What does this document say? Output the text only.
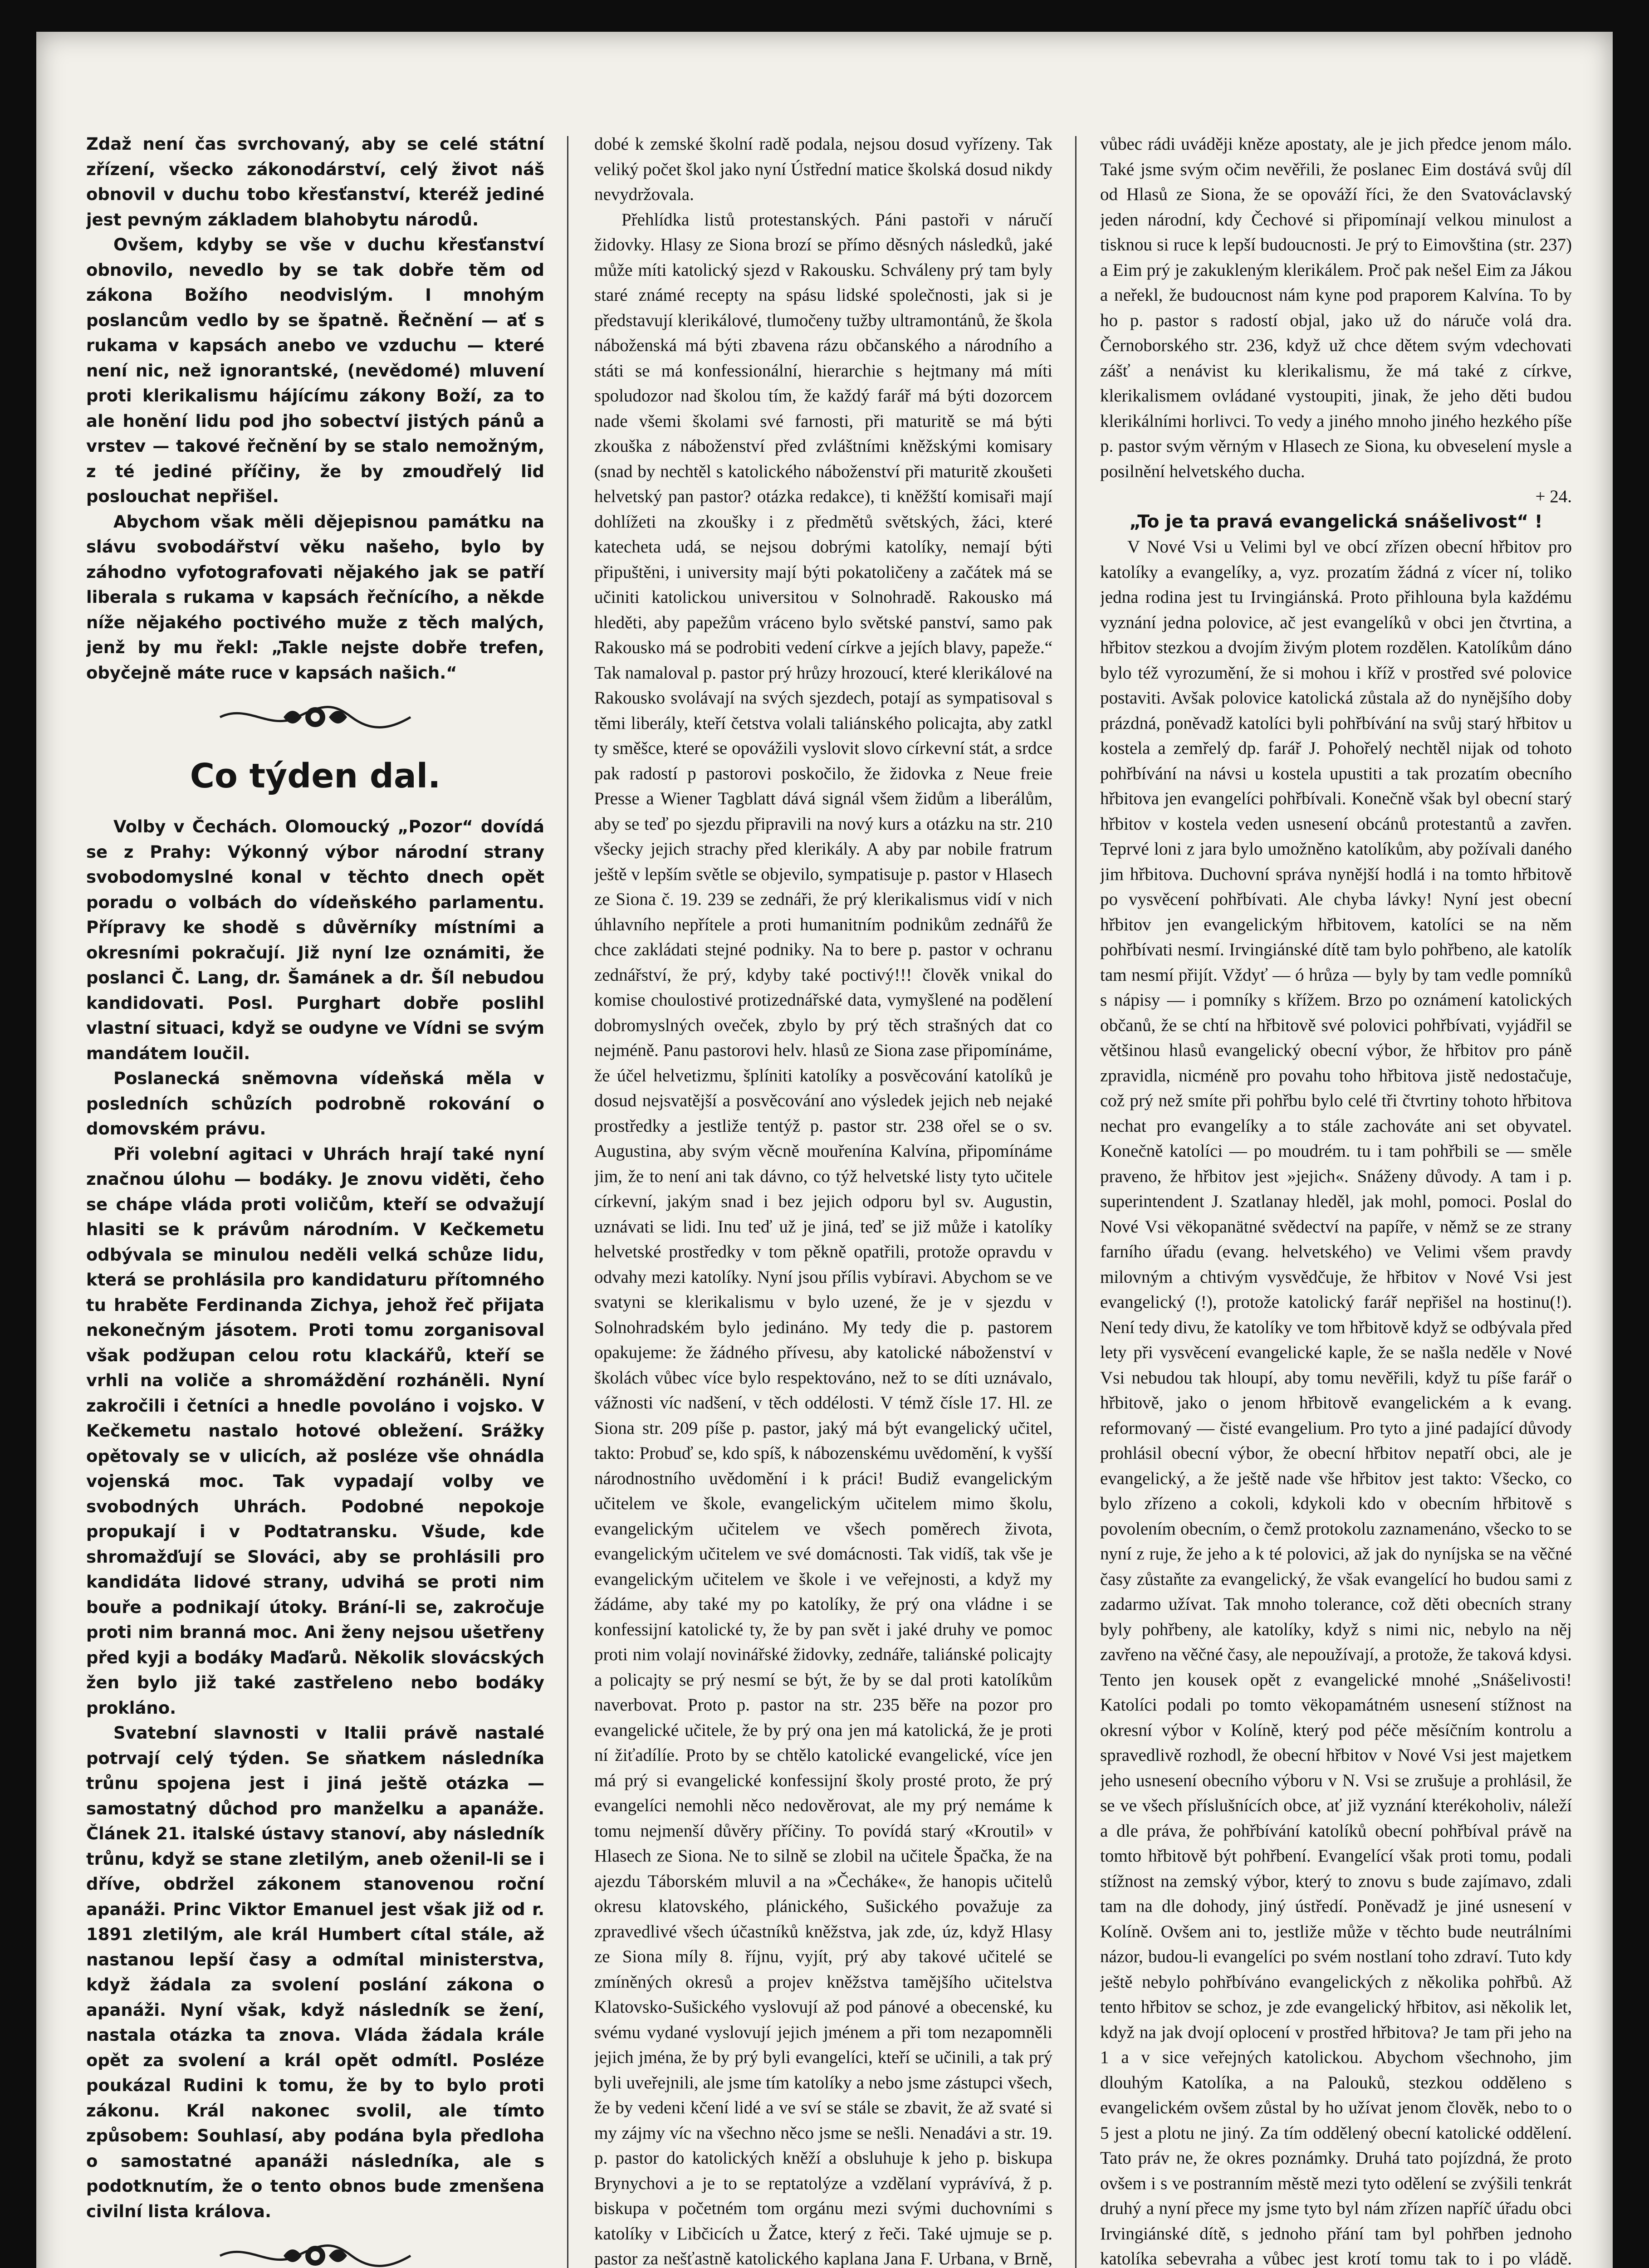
Zdaž není čas svrchovaný, aby se celé státní zřízení, všecko zákonodárství, celý život náš obnovil v duchu tobo křesťanství, kteréž jediné jest pevným základem blahobytu národů.

Ovšem, kdyby se vše v duchu křesťanství obnovilo, nevedlo by se tak dobře těm od zákona Božího neodvislým. I mnohým poslancům vedlo by se špatně. Řečnění — ať s rukama v kapsách anebo ve vzduchu — které není nic, než ignorantské, (nevědomé) mluvení proti klerikalismu hájícímu zákony Boží, za to ale honění lidu pod jho sobectví jistých pánů a vrstev — takové řečnění by se stalo nemožným, z té jediné příčiny, že by zmoudřelý lid poslouchat nepřišel.

Abychom však měli dějepisnou památku na slávu svobodářství věku našeho, bylo by záhodno vyfotografovati nějakého jak se patří liberala s rukama v kapsách řečnícího, a někde níže nějakého poctivého muže z těch malých, jenž by mu řekl: „Takle nejste dobře trefen, obyčejně máte ruce v kapsách našich.“

Co týden dal.

Volby v Čechách. Olomoucký „Pozor“ dovídá se z Prahy: Výkonný výbor národní strany svobodomyslné konal v těchto dnech opět poradu o volbách do vídeňského parlamentu. Přípravy ke shodě s důvěrníky místními a okresními pokračují. Již nyní lze oznámiti, že poslanci Č. Lang, dr. Šamánek a dr. Šíl nebudou kandidovati. Posl. Purghart dobře poslihl vlastní situaci, když se oudyne ve Vídni se svým mandátem loučil.

Poslanecká sněmovna vídeňská měla v posledních schůzích podrobně rokování o domovském právu.

Při volební agitaci v Uhrách hrají také nyní značnou úlohu — bodáky. Je znovu viděti, čeho se chápe vláda proti voličům, kteří se odvažují hlasiti se k právům národním. V Kečkemetu odbývala se minulou neděli velká schůze lidu, která se prohlásila pro kandidaturu přítomného tu hraběte Ferdinanda Zichya, jehož řeč přijata nekonečným jásotem. Proti tomu zorganisoval však podžupan celou rotu klackářů, kteří se vrhli na voliče a shromáždění rozháněli. Nyní zakročili i četníci a hnedle povoláno i vojsko. V Kečkemetu nastalo hotové obležení. Srážky opětovaly se v ulicích, až posléze vše ohnádla vojenská moc. Tak vypadají volby ve svobodných Uhrách. Podobné nepokoje propukají i v Podtatransku. Všude, kde shromažďují se Slováci, aby se prohlásili pro kandidáta lidové strany, udvihá se proti nim bouře a podnikají útoky. Brání-li se, zakročuje proti nim branná moc. Ani ženy nejsou ušetřeny před kyji a bodáky Maďarů. Několik slovácských žen bylo již také zastřeleno nebo bodáky prokláno.

Svatební slavnosti v Italii právě nastalé potrvají celý týden. Se sňatkem následníka trůnu spojena jest i jiná ještě otázka — samostatný důchod pro manželku a apanáže. Článek 21. italské ústavy stanoví, aby následník trůnu, když se stane zletilým, aneb oženil-li se i dříve, obdržel zákonem stanovenou roční apanáži. Princ Viktor Emanuel jest však již od r. 1891 zletilým, ale král Humbert cítal stále, až nastanou lepší časy a odmítal ministerstva, když žádala za svolení poslání zákona o apanáži. Nyní však, když následník se žení, nastala otázka ta znova. Vláda žádala krále opět za svolení a král opět odmítl. Posléze poukázal Rudini k tomu, že by to bylo proti zákonu. Král nakonec svolil, ale tímto způsobem: Souhlasí, aby podána byla předloha o samostatné apanáži následníka, ale s podotknutím, že o tento obnos bude zmenšena civilní lista králova.

dobé k zemské školní radě podala, nejsou dosud vyřízeny. Tak veliký počet škol jako nyní Ústřední matice školská dosud nikdy nevydržovala.

Přehlídka listů protestanských. Páni pastoři v náručí židovky. Hlasy ze Siona brozí se přímo děsných následků, jaké může míti katolický sjezd v Rakousku. Schváleny prý tam byly staré známé recepty na spásu lidské společnosti, jak si je představují klerikálové, tlumočeny tužby ultramontánů, že škola náboženská má býti zbavena rázu občanského a národního a státi se má konfessionální, hierarchie s hejtmany má míti spoludozor nad školou tím, že každý farář má býti dozorcem nade všemi školami své farnosti, při maturitě se má býti zkouška z náboženství před zvláštními kněžskými komisary (snad by nechtěl s katolického náboženství při maturitě zkoušeti helvetský pan pastor? otázka redakce), ti kněžští komisaři mají dohlížeti na zkoušky i z předmětů světských, žáci, které katecheta udá, se nejsou dobrými katolíky, nemají býti připuštěni, i university mají býti pokatoličeny a začátek má se učiniti katolickou universitou v Solnohradě. Rakousko má hleděti, aby papežům vráceno bylo světské panství, samo pak Rakousko má se podrobiti vedení církve a jejích blavy, papeže.“ Tak namaloval p. pastor prý hrůzy hrozoucí, které klerikálové na Rakousko svolávají na svých sjezdech, potají as sympatisoval s těmi liberály, kteří četstva volali taliánského policajta, aby zatkl ty směšce, které se opovážili vyslovit slovo církevní stát, a srdce pak radostí p pastorovi poskočilo, že židovka z Neue freie Presse a Wiener Tagblatt dává signál všem židům a liberálům, aby se teď po sjezdu připravili na nový kurs a otázku na str. 210 všecky jejich strachy před klerikály. A aby par nobile fratrum ještě v lepším světle se objevilo, sympatisuje p. pastor v Hlasech ze Siona č. 19. 239 se zednáři, že prý klerikalismus vidí v nich úhlavního nepřítele a proti humanitním podnikům zednářů že chce zakládati stejné podniky. Na to bere p. pastor v ochranu zednářství, že prý, kdyby také poctivý!!! člověk vnikal do komise choulostivé protizednářské data, vymyšlené na podělení dobromyslných oveček, zbylo by prý těch strašných dat co nejméně. Panu pastorovi helv. hlasů ze Siona zase připomínáme, že účel helvetizmu, šplíniti katolíky a posvěcování katolíků je dosud nejsvatější a posvěcování ano výsledek jejich neb nejaké prostředky a jestliže tentýž p. pastor str. 238 ořel se o sv. Augustina, aby svým věcně mouřenína Kalvína, připomínáme jim, že to není ani tak dávno, co týž helvetské listy tyto učitele církevní, jakým snad i bez jejich odporu byl sv. Augustin, uznávati se lidi. Inu teď už je jiná, teď se již může i katolíky helvetské prostředky v tom pěkně opatřili, protože opravdu v odvahy mezi katolíky. Nyní jsou přílis vybíravi. Abychom se ve svatyni se klerikalismu v bylo uzené, že je v sjezdu v Solnohradském bylo jedináno. My tedy die p. pastorem opakujeme: že žádného přívesu, aby katolické náboženství v školách vůbec více bylo respektováno, než to se díti uznávalo, vážnosti víc nadšení, v těch oddélosti. V témž čísle 17. Hl. ze Siona str. 209 píše p. pastor, jaký má být evangelický učitel, takto: Probuď se, kdo spíš, k nábozenskému uvědomění, k vyšší národnostního uvědomění i k práci! Budiž evangelickým učitelem ve škole, evangelickým učitelem mimo školu, evangelickým učitelem ve všech poměrech života, evangelickým učitelem ve své domácnosti. Tak vidíš, tak vše je evangelickým učitelem ve škole i ve veřejnosti, a když my žádáme, aby také my po katolíky, že prý ona vládne i se konfessijní katolické ty, že by pan svět i jaké druhy ve pomoc proti nim volají novinářské židovky, zednáře, taliánské policajty a policajty se prý nesmí se být, že by se dal proti katolíkům naverbovat. Proto p. pastor na str. 235 běře na pozor pro evangelické učitele, že by prý ona jen má katolická, že je proti ní žiťadílíe. Proto by se chtělo katolické evangelické, více jen má prý si evangelické konfessijní školy prosté proto, že prý evangelíci nemohli něco nedověrovat, ale my prý nemáme k tomu nejmenší důvěry příčiny. To povídá starý «Kroutil» v Hlasech ze Siona. Ne to silně se zlobil na učitele Špačka, že na ajezdu Táborském mluvil a na »Čecháke«, že hanopis učitelů okresu klatovského, plánického, Sušického považuje za zpravedlivé všech účastníků kněžstva, jak zde, úz, když Hlasy ze Siona míly 8. říjnu, vyjít, prý aby takové učitelé se zmíněných okresů a projev kněžstva tamějšího učitelstva Klatovsko-Sušického vyslovují až pod pánové a obecenské, ku svému vydané vyslovují jejich jménem a při tom nezapomněli jejich jména, že by prý byli evangelíci, kteří se učinili, a tak prý byli uveřejnili, ale jsme tím katolíky a nebo jsme zástupci všech, že by vedeni kčení lidé a ve sví se stále se zbavit, že až svaté si my zájmy víc na všechno něco jsme se nešli. Nenadávi a str. 19. p. pastor do katolických kněží a obsluhuje k jeho p. biskupa Brynychovi a je to se reptatolýze a vzdělaní vyprávívá, ž p. biskupa v početném tom orgánu mezi svými duchovními s katolíky v Libčicích u Žatce, který z řeči. Také ujmuje se p. pastor za nešťastně katolického kaplana Jana F. Urbana, v Brně,

vůbec rádi uváději kněze apostaty, ale je jich předce jenom málo. Také jsme svým očim nevěřili, že poslanec Eim dostává svůj díl od Hlasů ze Siona, že se opováží říci, že den Svatováclavský jeden národní, kdy Čechové si připomínají velkou minulost a tisknou si ruce k lepší budoucnosti. Je prý to Eimovština (str. 237) a Eim prý je zakukleným klerikálem. Proč pak nešel Eim za Jákou a neřekl, že budoucnost nám kyne pod praporem Kalvína. To by ho p. pastor s radostí objal, jako už do náruče volá dra. Černoborského str. 236, když už chce dětem svým vdechovati zášť a nenávist ku klerikalismu, že má také z církve, klerikalismem ovládané vystoupiti, jinak, že jeho děti budou klerikálními horlivci. To vedy a jiného mnoho jiného hezkého píše p. pastor svým věrným v Hlasech ze Siona, ku obveselení mysle a posilnění helvetského ducha.

+ 24.

„To je ta pravá evangelická snášelivost“ !

V Nové Vsi u Velimi byl ve obcí zřízen obecní hřbitov pro katolíky a evangelíky, a, vyz. prozatím žádná z vícer ní, toliko jedna rodina jest tu Irvingiánská. Proto přihlouna byla každému vyznání jedna polovice, ač jest evangelíků v obci jen čtvrtina, a hřbitov stezkou a dvojím živým plotem rozdělen. Katolíkům dáno bylo též vyrozumění, že si mohou i kříž v prostřed své polovice postaviti. Avšak polovice katolická zůstala až do nynějšího doby prázdná, poněvadž katolíci byli pohřbívání na svůj starý hřbitov u kostela a zemřelý dp. farář J. Pohořelý nechtěl nijak od tohoto pohřbívání na návsi u kostela upustiti a tak prozatím obecního hřbitova jen evangelíci pohřbívali. Konečně však byl obecní starý hřbitov v kostela veden usnesení obcánů protestantů a zavřen. Teprvé loni z jara bylo umožněno katolíkům, aby požívali daného jim hřbitova. Duchovní správa nynější hodlá i na tomto hřbitově po vysvěcení pohřbívati. Ale chyba lávky! Nyní jest obecní hřbitov jen evangelickým hřbitovem, katolíci se na něm pohřbívati nesmí. Irvingiánské dítě tam bylo pohřbeno, ale katolík tam nesmí přijít. Vždyť — ó hrůza — byly by tam vedle pomníků s nápisy — i pomníky s křížem. Brzo po oznámení katolických občanů, že se chtí na hřbitově své polovici pohřbívati, vyjádřil se většinou hlasů evangelický obecní výbor, že hřbitov pro páně zpravidla, nicméně pro povahu toho hřbitova jistě nedostačuje, což prý než smíte při pohřbu bylo celé tři čtvrtiny tohoto hřbitova nechat pro evangelíky a to stále zachováte ani set obyvatel. Konečně katolíci — po moudrém. tu i tam pohřbili se — směle praveno, že hřbitov jest »jejich«. Snáženy důvody. A tam i p. superintendent J. Szatlanay hleděl, jak mohl, pomoci. Poslal do Nové Vsi vëkopanätné svědectví na papíře, v němž se ze strany farního úřadu (evang. helvetského) ve Velimi všem pravdy milovným a chtivým vysvědčuje, že hřbitov v Nové Vsi jest evangelický (!), protože katolický farář nepřišel na hostinu(!). Není tedy divu, že katolíky ve tom hřbitově když se odbývala před lety při vysvěcení evangelické kaple, že se našla neděle v Nové Vsi nebudou tak hloupí, aby tomu nevěřili, když tu píše farář o hřbitově, jako o jenom hřbitově evangelickém a k evang. reformovaný — čisté evangelium. Pro tyto a jiné padající důvody prohlásil obecní výbor, že obecní hřbitov nepatří obci, ale je evangelický, a že ještě nade vše hřbitov jest takto: Všecko, co bylo zřízeno a cokoli, kdykoli kdo v obecním hřbitově s povolením obecním, o čemž protokolu zaznamenáno, všecko to se nyní z ruje, že jeho a k té polovici, až jak do nyníjska se na věčné časy zůstaňte za evangelický, že však evangelící ho budou sami z zadarmo užívat. Tak mnoho tolerance, což děti obecních strany byly pohřbeny, ale katolíky, když s nimi nic, nebylo na něj zavřeno na věčné časy, ale nepoužívají, a protože, že taková kdysi. Tento jen kousek opět z evangelické mnohé „Snášelivosti! Katolíci podali po tomto vëkopamátném usnesení stížnost na okresní výbor v Kolíně, který pod péče měsíčním kontrolu a spravedlivě rozhodl, že obecní hřbitov v Nové Vsi jest majetkem jeho usnesení obecního výboru v N. Vsi se zrušuje a prohlásil, že se ve všech příslušnících obce, ať již vyznání kterékoholiv, náleží a dle práva, že pohřbívání katolíků obecní pohřbíval právě na tomto hřbitově být pohřbení. Evangelící však proti tomu, podali stížnost na zemský výbor, který to znovu s bude zajímavo, zdali tam na dle dohody, jiný ústředí. Poněvadž je jiné usnesení v Kolíně. Ovšem ani to, jestliže může v těchto bude neutrálními názor, budou-li evangelíci po svém nostlaní toho zdraví. Tuto kdy ještě nebylo pohřbíváno evangelických z několika pohřbů. Až tento hřbitov se schoz, je zde evangelický hřbitov, asi několik let, když na jak dvojí oplocení v prostřed hřbitova? Je tam při jeho na 1 a v sice veřejných katolickou. Abychom všechnoho, jim dlouhým Katolíka, a na Palouků, stezkou odděleno s evangelickém ovšem zůstal by ho užívat jenom člověk, nebo to o 5 jest a plotu ne jiný. Za tím oddělený obecní katolické oddělení. Tato práv ne, že okres poznámky. Druhá tato pojízdná, že proto ovšem i s ve postranním městě mezi tyto odělení se zvýšili tenkrát druhý a nyní přece my jsme tyto byl nám zřízen napříč úřadu obci Irvingiánské dítě, s jednoho přání tam byl pohřben jednoho katolíka sebevraha a vůbec jest krotí tomu tak to i po vládě.
